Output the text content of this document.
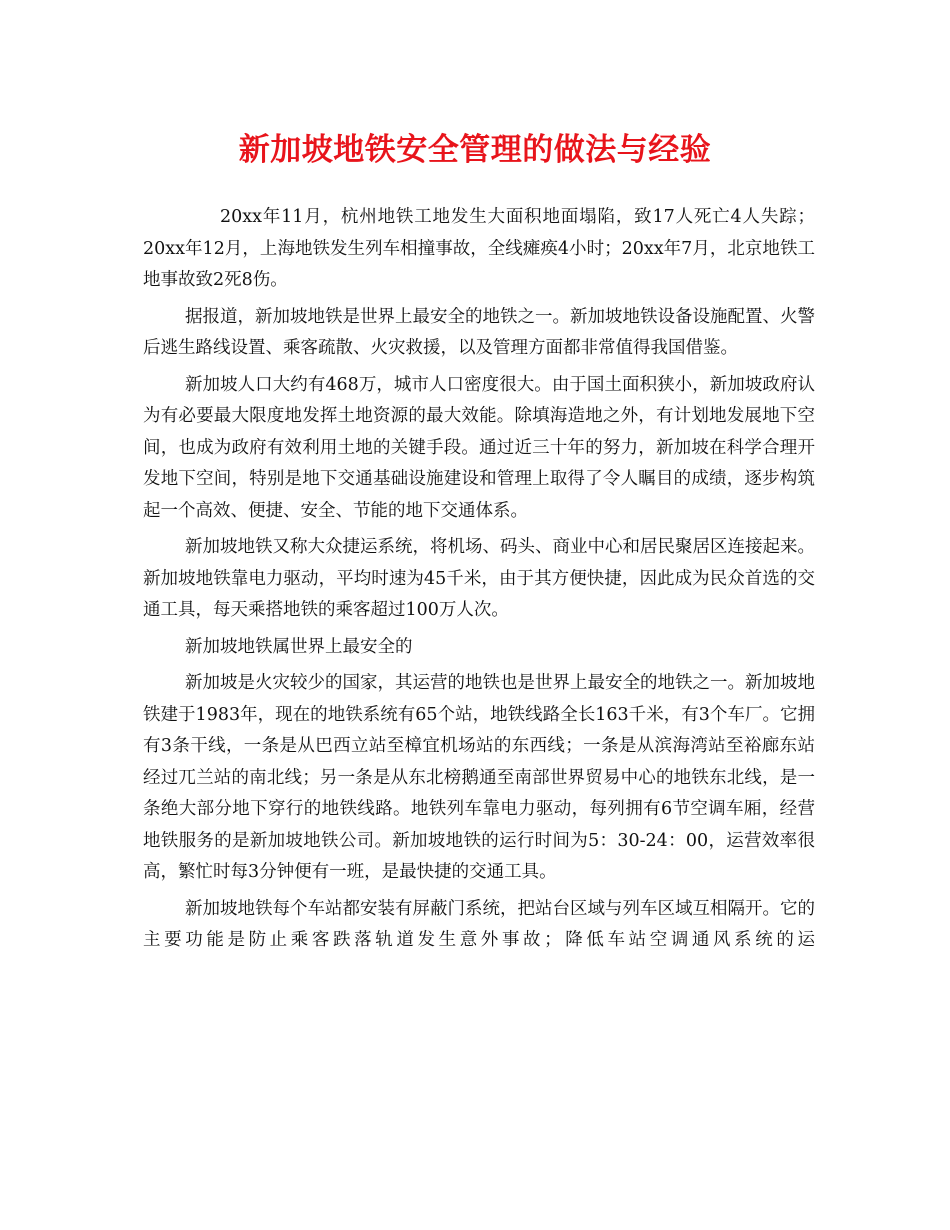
新加坡地铁安全管理的做法与经验

20xx年11月，杭州地铁工地发生大面积地面塌陷，致17人死亡4人失踪；20xx年12月，上海地铁发生列车相撞事故，全线瘫痪4小时；20xx年7月，北京地铁工地事故致2死8伤。

据报道，新加坡地铁是世界上最安全的地铁之一。新加坡地铁设备设施配置、火警后逃生路线设置、乘客疏散、火灾救援，以及管理方面都非常值得我国借鉴。

新加坡人口大约有468万，城市人口密度很大。由于国土面积狭小，新加坡政府认为有必要最大限度地发挥土地资源的最大效能。除填海造地之外，有计划地发展地下空间，也成为政府有效利用土地的关键手段。通过近三十年的努力，新加坡在科学合理开发地下空间，特别是地下交通基础设施建设和管理上取得了令人瞩目的成绩，逐步构筑起一个高效、便捷、安全、节能的地下交通体系。

新加坡地铁又称大众捷运系统，将机场、码头、商业中心和居民聚居区连接起来。新加坡地铁靠电力驱动，平均时速为45千米，由于其方便快捷，因此成为民众首选的交通工具，每天乘搭地铁的乘客超过100万人次。

新加坡地铁属世界上最安全的

新加坡是火灾较少的国家，其运营的地铁也是世界上最安全的地铁之一。新加坡地铁建于1983年，现在的地铁系统有65个站，地铁线路全长163千米，有3个车厂。它拥有3条干线，一条是从巴西立站至樟宜机场站的东西线；一条是从滨海湾站至裕廊东站经过兀兰站的南北线；另一条是从东北榜鹅通至南部世界贸易中心的地铁东北线，是一条绝大部分地下穿行的地铁线路。地铁列车靠电力驱动，每列拥有6节空调车厢，经营地铁服务的是新加坡地铁公司。新加坡地铁的运行时间为5：30-24：00，运营效率很高，繁忙时每3分钟便有一班，是最快捷的交通工具。

新加坡地铁每个车站都安装有屏蔽门系统，把站台区域与列车区域互相隔开。它的主要功能是防止乘客跌落轨道发生意外事故；降低车站空调通风系统的运
